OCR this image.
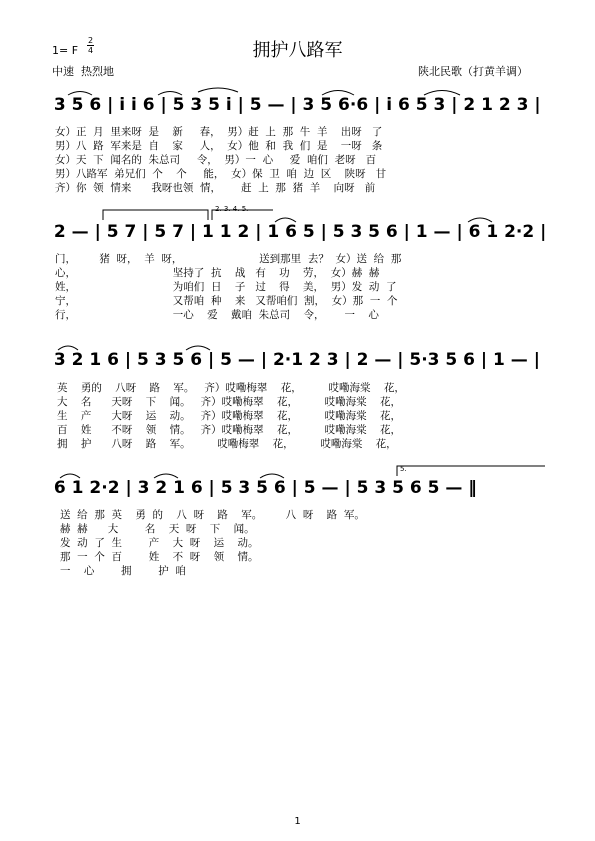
拥护八路军
1= F
2
4
中速  热烈地	陕北民歌（打黄羊调）
3 5 6 | i i 6 | 5 3 5 i | 5 — | 3 5 6·6 | i 6 5 3 | 2 1 2 3 |
女）正  月  里来呀  是    新     春，  男）赶  上  那  牛  羊    出呀   了
男）八  路  军来是  自    家     人，  女）他  和  我  们  是    一呀   条
女）天  下  闻名的  朱总司     令，  男）一  心     爱  咱们  老呀   百
男）八路军  弟兄们  个    个     能，  女）保  卫  咱  边  区    陕呀   甘
齐）你  领  情来      我呀也领  情，      赶  上  那  猪  羊    向呀   前
2. 3. 4. 5.
2 — | 5 7 | 5 7 | 1 1 2 | 1 6 5 | 5 3 5 6 | 1 — | 6 1 2·2 |
门，       猪  呀，  羊  呀，                       送到那里  去？  女）送  给  那
心，                             坚持了  抗    战   有    功    劳，  女）赫  赫
姓，                             为咱们  日    子   过    得    美，  男）发  动  了
宁，                             又帮咱  种    来   又帮咱们  割，  女）那  一  个
行，                             一心    爱    戴咱  朱总司    令，      一    心
3 2 1 6 | 5 3 5 6 | 5 — | 2·1 2 3 | 2 — | 5·3 5 6 | 1 — |
英    勇的    八呀    路    军。   齐）哎嘞梅翠    花，        哎嘞海棠    花，
大    名      天呀    下    闻。   齐）哎嘞梅翠    花，        哎嘞海棠    花，
生    产      大呀    运    动。   齐）哎嘞梅翠    花，        哎嘞海棠    花，
百    姓      不呀    领    情。   齐）哎嘞梅翠    花，        哎嘞海棠    花，
拥    护      八呀    路    军。        哎嘞梅翠    花，        哎嘞海棠    花，
5.
6 1 2·2 | 3 2 1 6 | 5 3 5 6 | 5 — | 5 3 5 6 5 — ‖
送  给  那  英    勇  的    八  呀    路    军。       八  呀    路  军。
赫  赫      大        名    天  呀    下    闻。
发  动  了  生        产    大  呀    运    动。
那  一  个  百        姓    不  呀    领    情。
一    心        拥        护  咱
1
